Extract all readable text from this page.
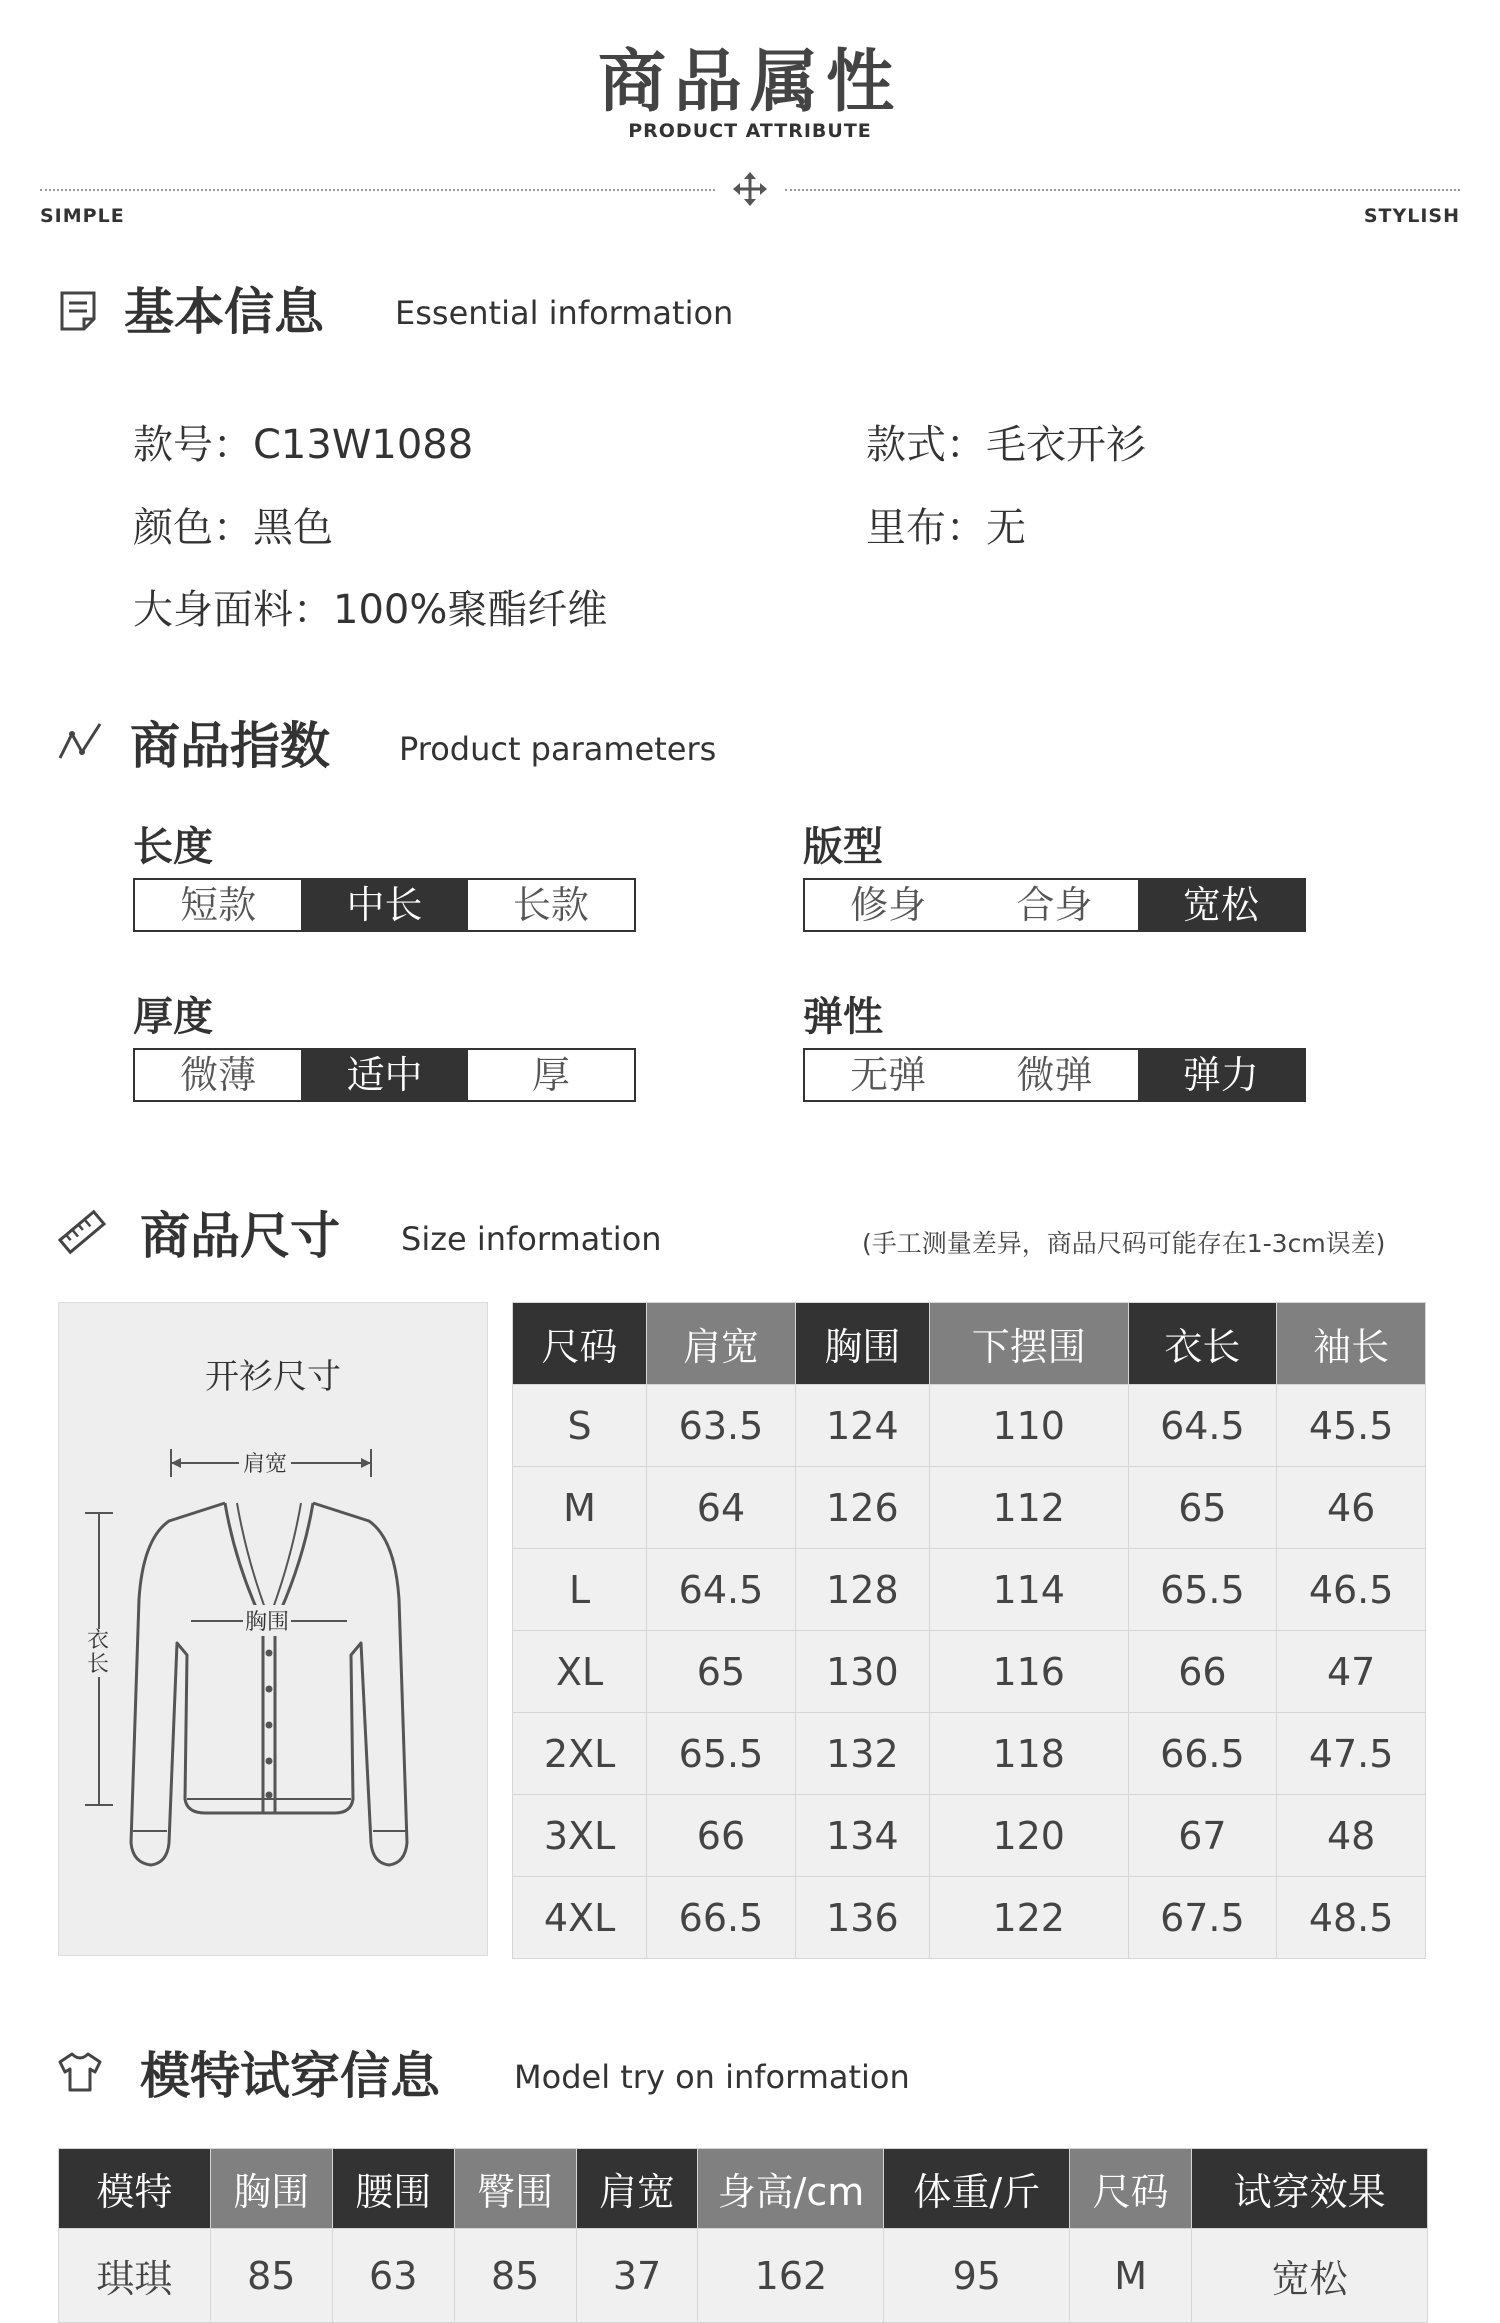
商品属性
PRODUCT ATTRIBUTE
SIMPLE	STYLISH
基本信息 Essential information
款号：C13W1088	款式：毛衣开衫
颜色：黑色	里布：无
大身面料：100%聚酯纤维
商品指数 Product parameters
长度
短款	中长	长款
版型
修身	合身	宽松
厚度
微薄	适中	厚
弹性
无弹	微弹	弹力
商品尺寸 Size information	(手工测量差异，商品尺码可能存在1-3cm误差)
开衫尺寸
肩宽
胸围
衣长
尺码	肩宽	胸围	下摆围	衣长	袖长
S	63.5	124	110	64.5	45.5
M	64	126	112	65	46
L	64.5	128	114	65.5	46.5
XL	65	130	116	66	47
2XL	65.5	132	118	66.5	47.5
3XL	66	134	120	67	48
4XL	66.5	136	122	67.5	48.5
模特试穿信息 Model try on information
模特	胸围	腰围	臀围	肩宽	身高/cm	体重/斤	尺码	试穿效果
琪琪	85	63	85	37	162	95	M	宽松
